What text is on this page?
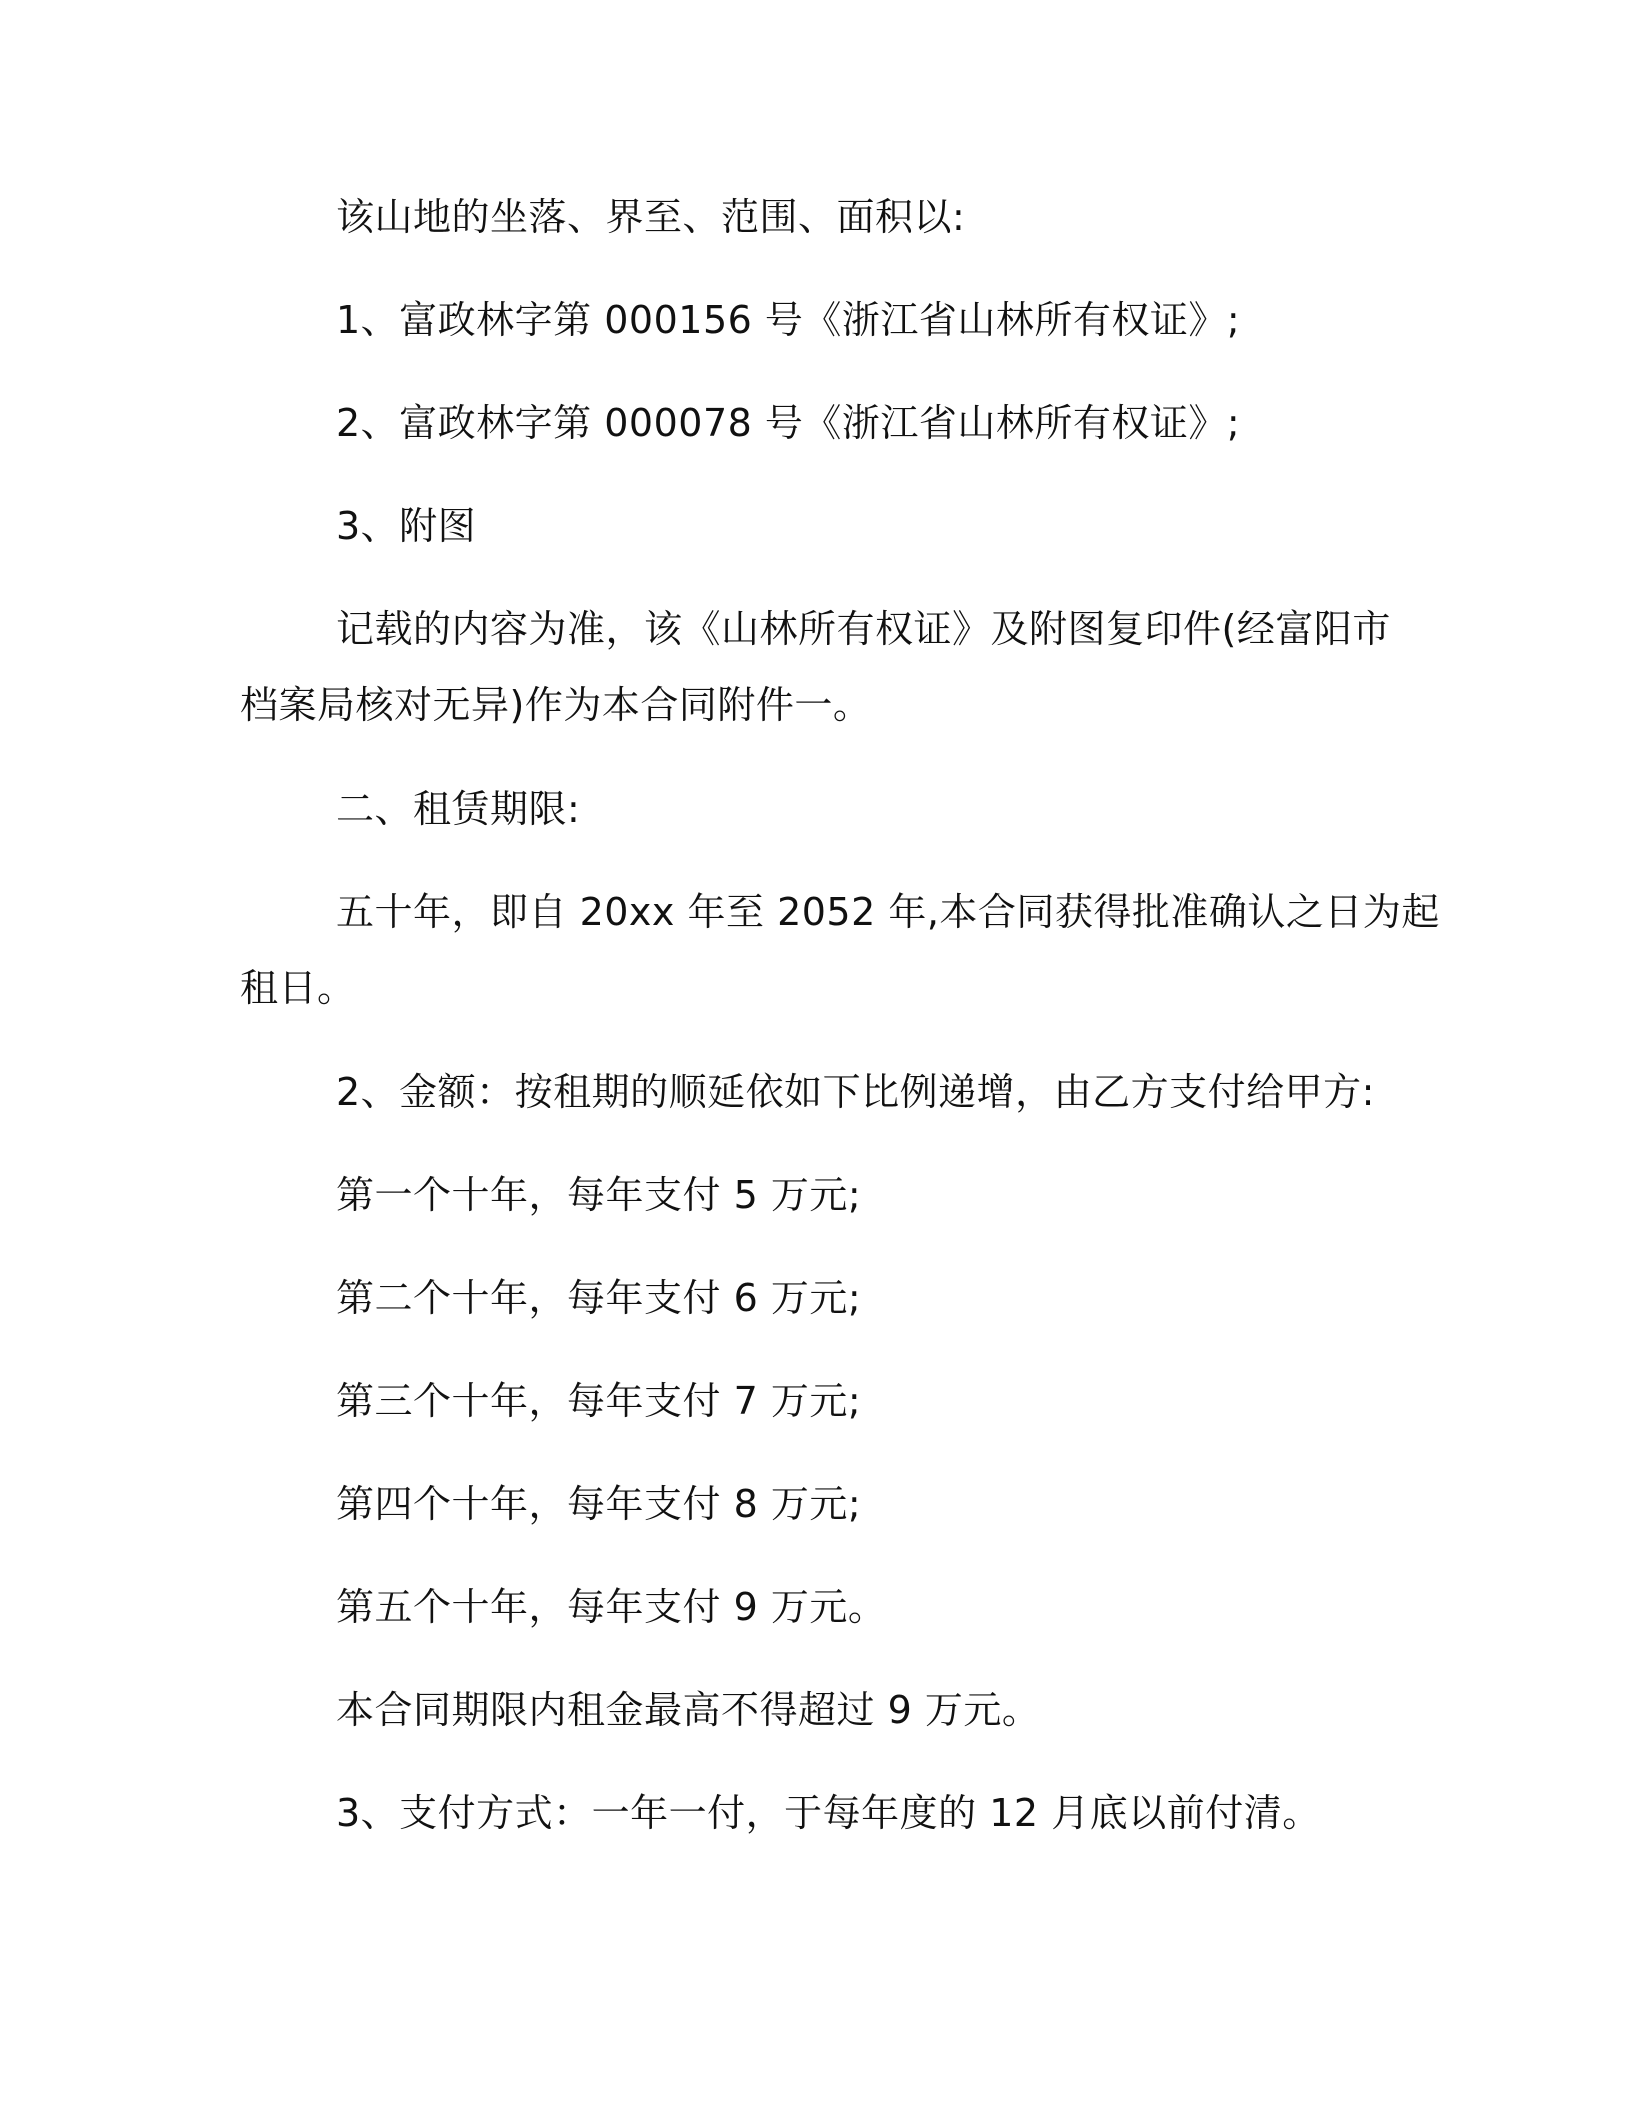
该山地的坐落、界至、范围、面积以:
1、富政林字第 000156 号《浙江省山林所有权证》;
2、富政林字第 000078 号《浙江省山林所有权证》;
3、附图
记载的内容为准，该《山林所有权证》及附图复印件(经富阳市
档案局核对无异)作为本合同附件一。
二、租赁期限:
五十年，即自 20xx 年至 2052 年,本合同获得批准确认之日为起
租日。
2、金额：按租期的顺延依如下比例递增，由乙方支付给甲方:
第一个十年，每年支付 5 万元;
第二个十年，每年支付 6 万元;
第三个十年，每年支付 7 万元;
第四个十年，每年支付 8 万元;
第五个十年，每年支付 9 万元。
本合同期限内租金最高不得超过 9 万元。
3、支付方式：一年一付，于每年度的 12 月底以前付清。
